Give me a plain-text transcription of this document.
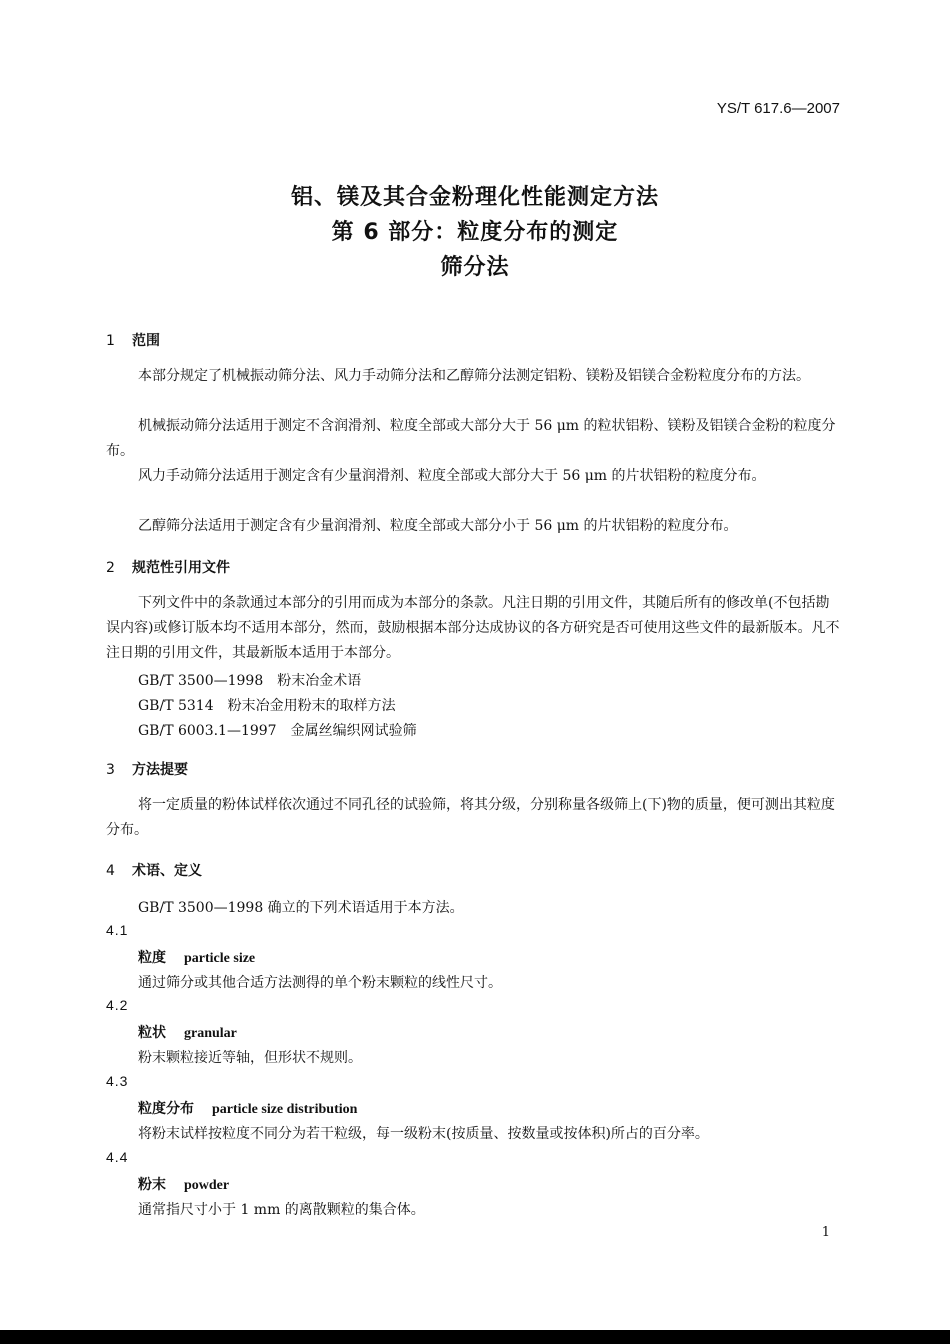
YS/T 617.6—2007
铝、镁及其合金粉理化性能测定方法
第 6 部分：粒度分布的测定
筛分法
1 范围
本部分规定了机械振动筛分法、风力手动筛分法和乙醇筛分法测定铝粉、镁粉及铝镁合金粉粒度分布的方法。
机械振动筛分法适用于测定不含润滑剂、粒度全部或大部分大于 56 μm 的粒状铝粉、镁粉及铝镁合金粉的粒度分布。
风力手动筛分法适用于测定含有少量润滑剂、粒度全部或大部分大于 56 μm 的片状铝粉的粒度分布。
乙醇筛分法适用于测定含有少量润滑剂、粒度全部或大部分小于 56 μm 的片状铝粉的粒度分布。
2 规范性引用文件
下列文件中的条款通过本部分的引用而成为本部分的条款。凡注日期的引用文件，其随后所有的修改单(不包括勘误内容)或修订版本均不适用本部分，然而，鼓励根据本部分达成协议的各方研究是否可使用这些文件的最新版本。凡不注日期的引用文件，其最新版本适用于本部分。
GB/T 3500—1998　粉末冶金术语
GB/T 5314　粉末冶金用粉末的取样方法
GB/T 6003.1—1997　金属丝编织网试验筛
3 方法提要
将一定质量的粉体试样依次通过不同孔径的试验筛，将其分级，分别称量各级筛上(下)物的质量，便可测出其粒度分布。
4 术语、定义
GB/T 3500—1998 确立的下列术语适用于本方法。
4.1
粒度 particle size
通过筛分或其他合适方法测得的单个粉末颗粒的线性尺寸。
4.2
粒状 granular
粉末颗粒接近等轴，但形状不规则。
4.3
粒度分布 particle size distribution
将粉末试样按粒度不同分为若干粒级，每一级粉末(按质量、按数量或按体积)所占的百分率。
4.4
粉末 powder
通常指尺寸小于 1 mm 的离散颗粒的集合体。
1
